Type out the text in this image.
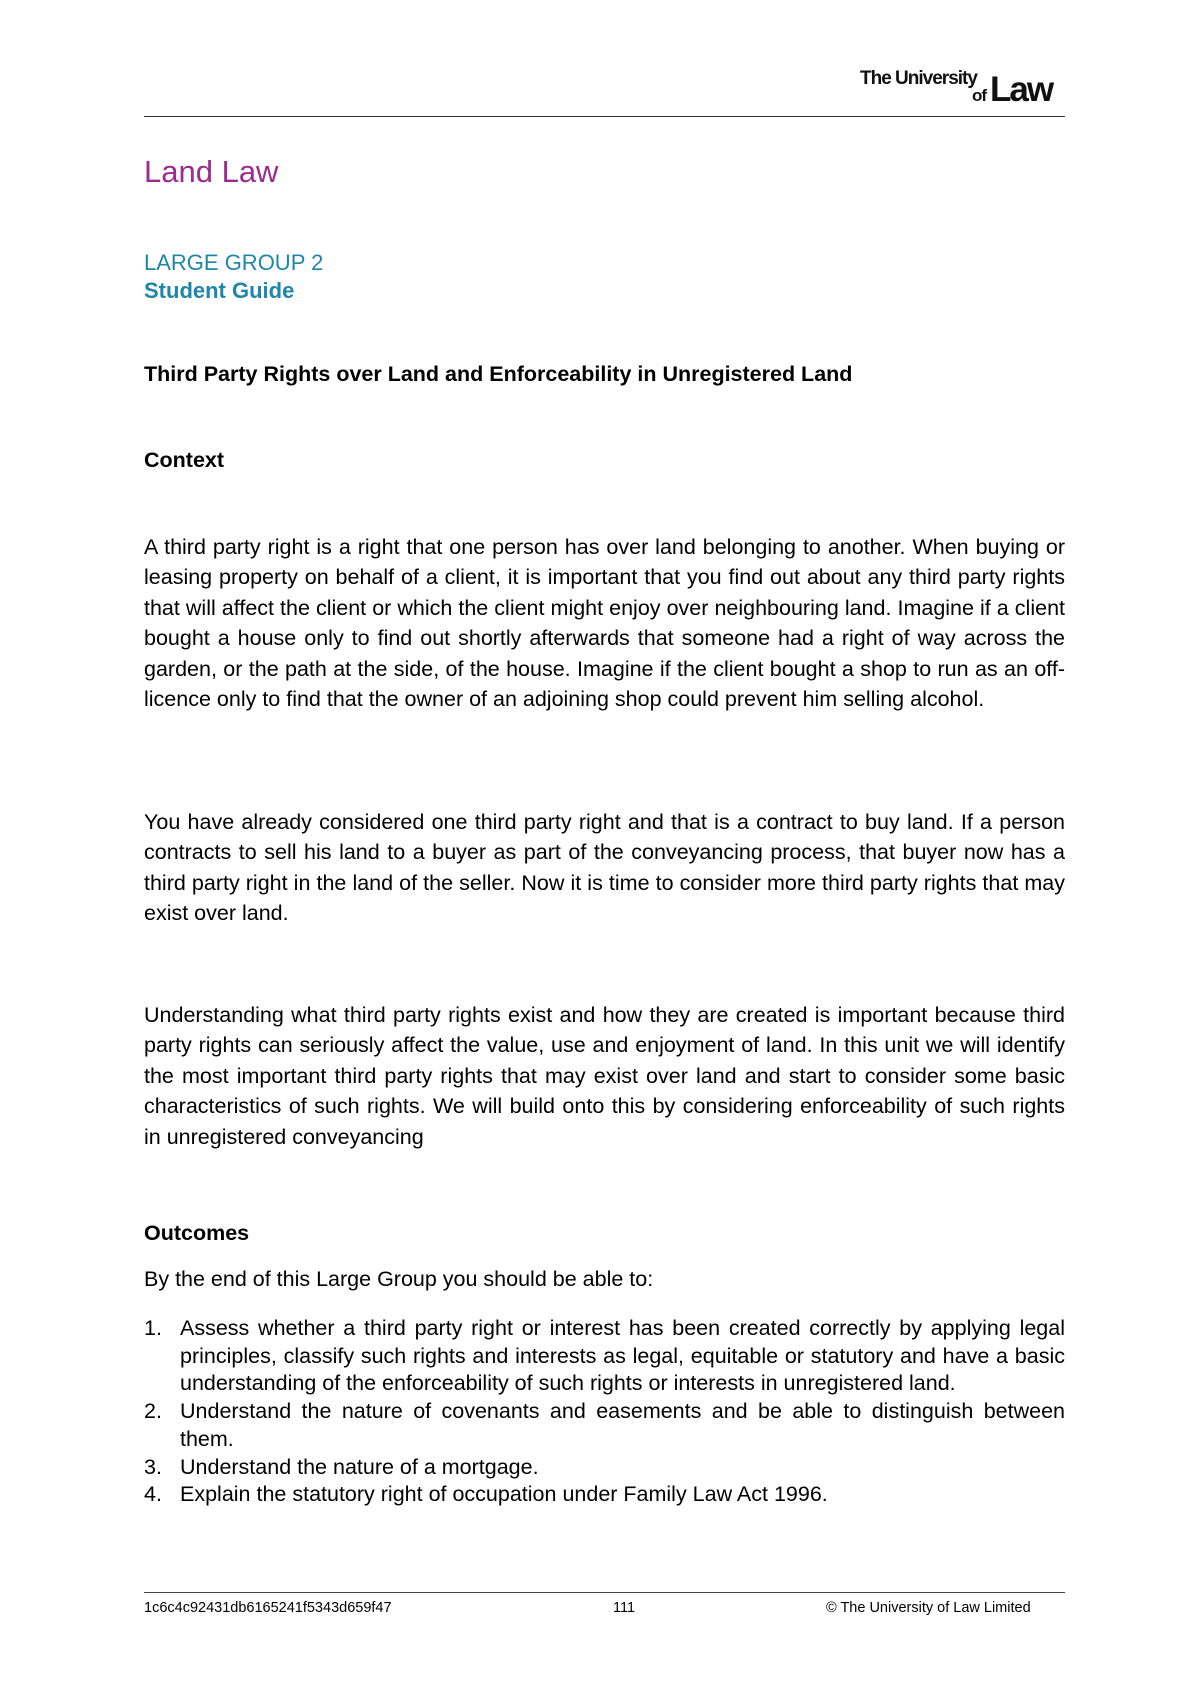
The University
of Law
Land Law
LARGE GROUP 2
Student Guide
Third Party Rights over Land and Enforceability in Unregistered Land
Context

A third party right is a right that one person has over land belonging to another. When buying or leasing property on behalf of a client, it is important that you find out about any third party rights that will affect the client or which the client might enjoy over neighbouring land. Imagine if a client bought a house only to find out shortly afterwards that someone had a right of way across the garden, or the path at the side, of the house. Imagine if the client bought a shop to run as an off-licence only to find that the owner of an adjoining shop could prevent him selling alcohol.

You have already considered one third party right and that is a contract to buy land. If a person contracts to sell his land to a buyer as part of the conveyancing process, that buyer now has a third party right in the land of the seller. Now it is time to consider more third party rights that may exist over land.

Understanding what third party rights exist and how they are created is important because third party rights can seriously affect the value, use and enjoyment of land. In this unit we will identify the most important third party rights that may exist over land and start to consider some basic characteristics of such rights. We will build onto this by considering enforceability of such rights in unregistered conveyancing

Outcomes
By the end of this Large Group you should be able to:
1. Assess whether a third party right or interest has been created correctly by applying legal principles, classify such rights and interests as legal, equitable or statutory and have a basic understanding of the enforceability of such rights or interests in unregistered land.
2. Understand the nature of covenants and easements and be able to distinguish between them.
3. Understand the nature of a mortgage.
4. Explain the statutory right of occupation under Family Law Act 1996.
1c6c4c92431db6165241f5343d659f47	111	© The University of Law Limited
